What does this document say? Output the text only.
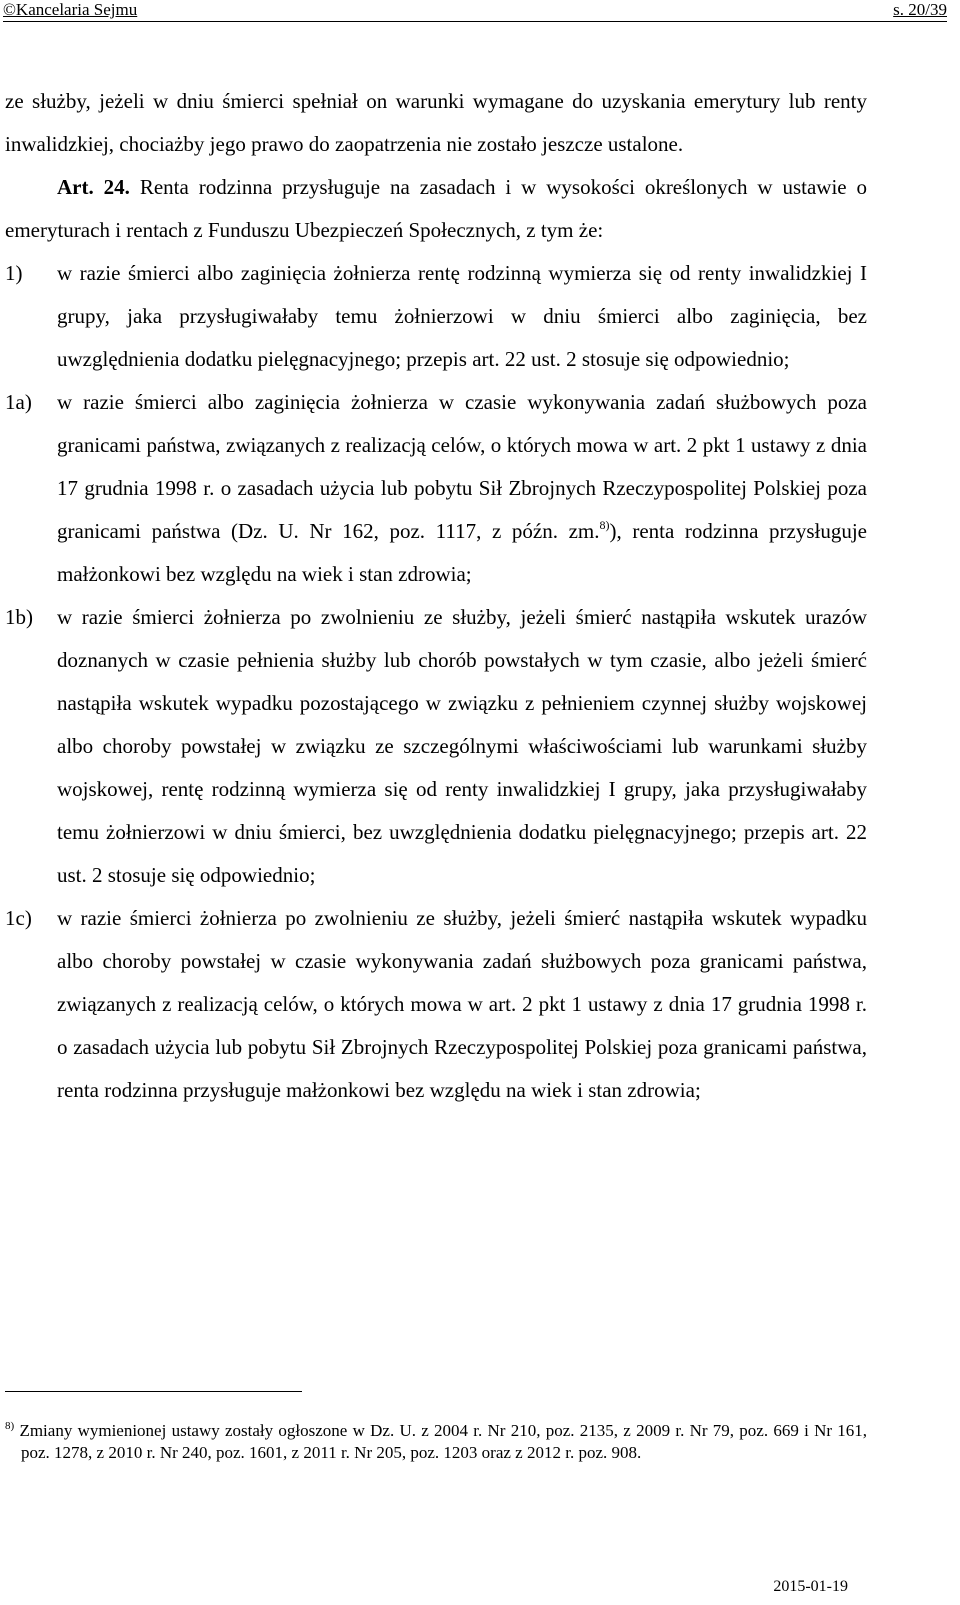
©Kancelaria Sejmu	s. 20/39

ze służby, jeżeli w dniu śmierci spełniał on warunki wymagane do uzyskania emerytury lub renty inwalidzkiej, chociażby jego prawo do zaopatrzenia nie zostało jeszcze ustalone.

Art. 24. Renta rodzinna przysługuje na zasadach i w wysokości określonych w ustawie o emeryturach i rentach z Funduszu Ubezpieczeń Społecznych, z tym że:

1) w razie śmierci albo zaginięcia żołnierza rentę rodzinną wymierza się od renty inwalidzkiej I grupy, jaka przysługiwałaby temu żołnierzowi w dniu śmierci albo zaginięcia, bez uwzględnienia dodatku pielęgnacyjnego; przepis art. 22 ust. 2 stosuje się odpowiednio;
1a) w razie śmierci albo zaginięcia żołnierza w czasie wykonywania zadań służbowych poza granicami państwa, związanych z realizacją celów, o których mowa w art. 2 pkt 1 ustawy z dnia 17 grudnia 1998 r. o zasadach użycia lub pobytu Sił Zbrojnych Rzeczypospolitej Polskiej poza granicami państwa (Dz. U. Nr 162, poz. 1117, z późn. zm.$^{8)}$), renta rodzinna przysługuje małżonkowi bez względu na wiek i stan zdrowia;
1b) w razie śmierci żołnierza po zwolnieniu ze służby, jeżeli śmierć nastąpiła wskutek urazów doznanych w czasie pełnienia służby lub chorób powstałych w tym czasie, albo jeżeli śmierć nastąpiła wskutek wypadku pozostającego w związku z pełnieniem czynnej służby wojskowej albo choroby powstałej w związku ze szczególnymi właściwościami lub warunkami służby wojskowej, rentę rodzinną wymierza się od renty inwalidzkiej I grupy, jaka przysługiwałaby temu żołnierzowi w dniu śmierci, bez uwzględnienia dodatku pielęgnacyjnego; przepis art. 22 ust. 2 stosuje się odpowiednio;
1c) w razie śmierci żołnierza po zwolnieniu ze służby, jeżeli śmierć nastąpiła wskutek wypadku albo choroby powstałej w czasie wykonywania zadań służbowych poza granicami państwa, związanych z realizacją celów, o których mowa w art. 2 pkt 1 ustawy z dnia 17 grudnia 1998 r. o zasadach użycia lub pobytu Sił Zbrojnych Rzeczypospolitej Polskiej poza granicami państwa, renta rodzinna przysługuje małżonkowi bez względu na wiek i stan zdrowia;
$^{8)}$ Zmiany wymienionej ustawy zostały ogłoszone w Dz. U. z 2004 r. Nr 210, poz. 2135, z 2009 r. Nr 79, poz. 669 i Nr 161, poz. 1278, z 2010 r. Nr 240, poz. 1601, z 2011 r. Nr 205, poz. 1203 oraz z 2012 r. poz. 908.
2015-01-19
